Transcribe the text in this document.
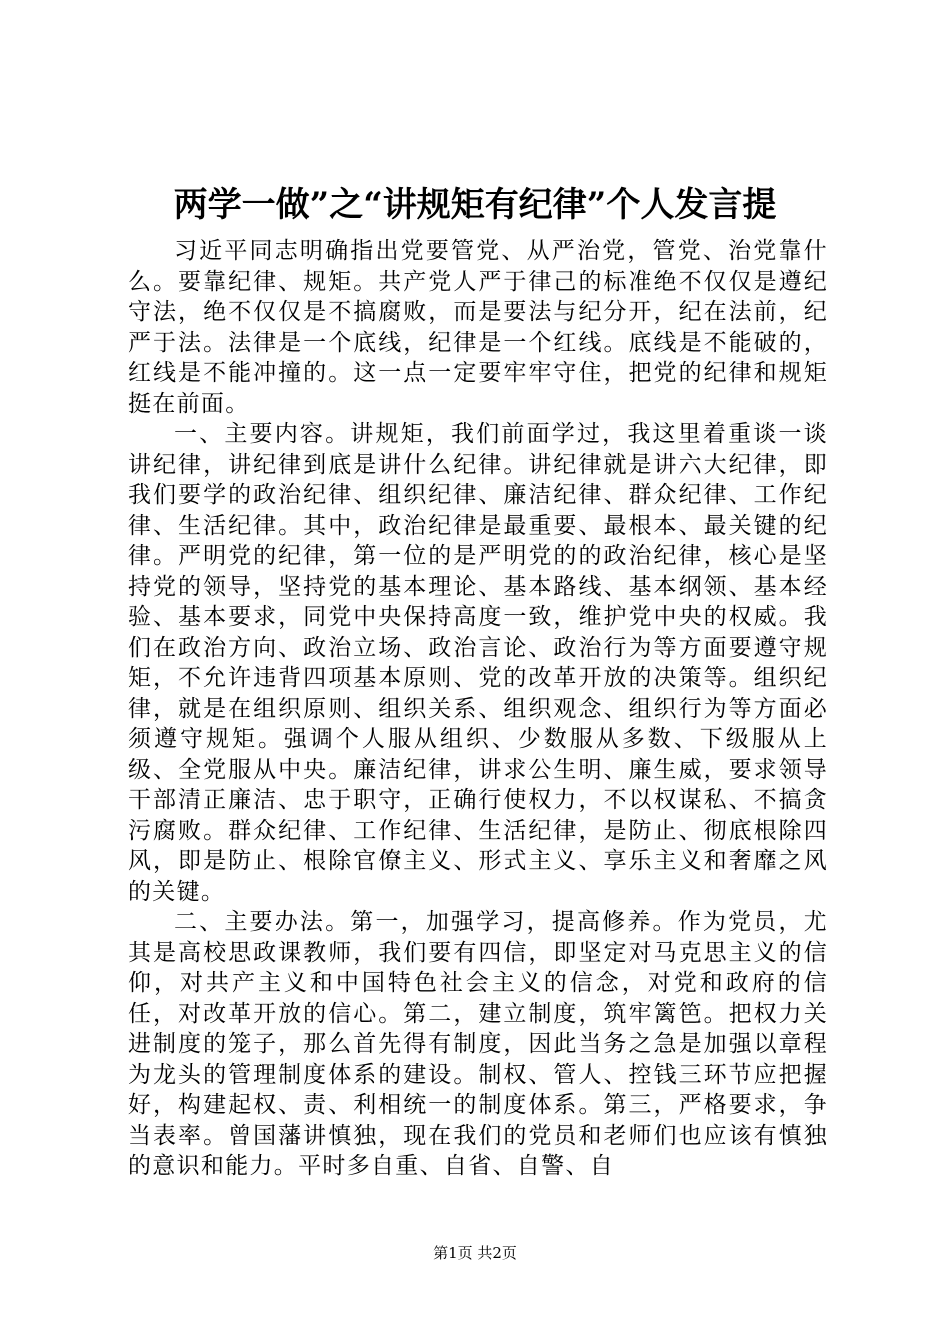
两学一做”之“讲规矩有纪律”个人发言提

习近平同志明确指出党要管党、从严治党，管党、治党靠什么。要靠纪律、规矩。共产党人严于律己的标准绝不仅仅是遵纪守法，绝不仅仅是不搞腐败，而是要法与纪分开，纪在法前，纪严于法。法律是一个底线，纪律是一个红线。底线是不能破的，红线是不能冲撞的。这一点一定要牢牢守住，把党的纪律和规矩挺在前面。

一、主要内容。讲规矩，我们前面学过，我这里着重谈一谈讲纪律，讲纪律到底是讲什么纪律。讲纪律就是讲六大纪律，即我们要学的政治纪律、组织纪律、廉洁纪律、群众纪律、工作纪律、生活纪律。其中，政治纪律是最重要、最根本、最关键的纪律。严明党的纪律，第一位的是严明党的的政治纪律，核心是坚持党的领导，坚持党的基本理论、基本路线、基本纲领、基本经验、基本要求，同党中央保持高度一致，维护党中央的权威。我们在政治方向、政治立场、政治言论、政治行为等方面要遵守规矩，不允许违背四项基本原则、党的改革开放的决策等。组织纪律，就是在组织原则、组织关系、组织观念、组织行为等方面必须遵守规矩。强调个人服从组织、少数服从多数、下级服从上级、全党服从中央。廉洁纪律，讲求公生明、廉生威，要求领导干部清正廉洁、忠于职守，正确行使权力，不以权谋私、不搞贪污腐败。群众纪律、工作纪律、生活纪律，是防止、彻底根除四风，即是防止、根除官僚主义、形式主义、享乐主义和奢靡之风的关键。

二、主要办法。第一，加强学习，提高修养。作为党员，尤其是高校思政课教师，我们要有四信，即坚定对马克思主义的信仰，对共产主义和中国特色社会主义的信念，对党和政府的信任，对改革开放的信心。第二，建立制度，筑牢篱笆。把权力关进制度的笼子，那么首先得有制度，因此当务之急是加强以章程为龙头的管理制度体系的建设。制权、管人、控钱三环节应把握好，构建起权、责、利相统一的制度体系。第三，严格要求，争当表率。曾国藩讲慎独，现在我们的党员和老师们也应该有慎独的意识和能力。平时多自重、自省、自警、自

第1页 共2页
